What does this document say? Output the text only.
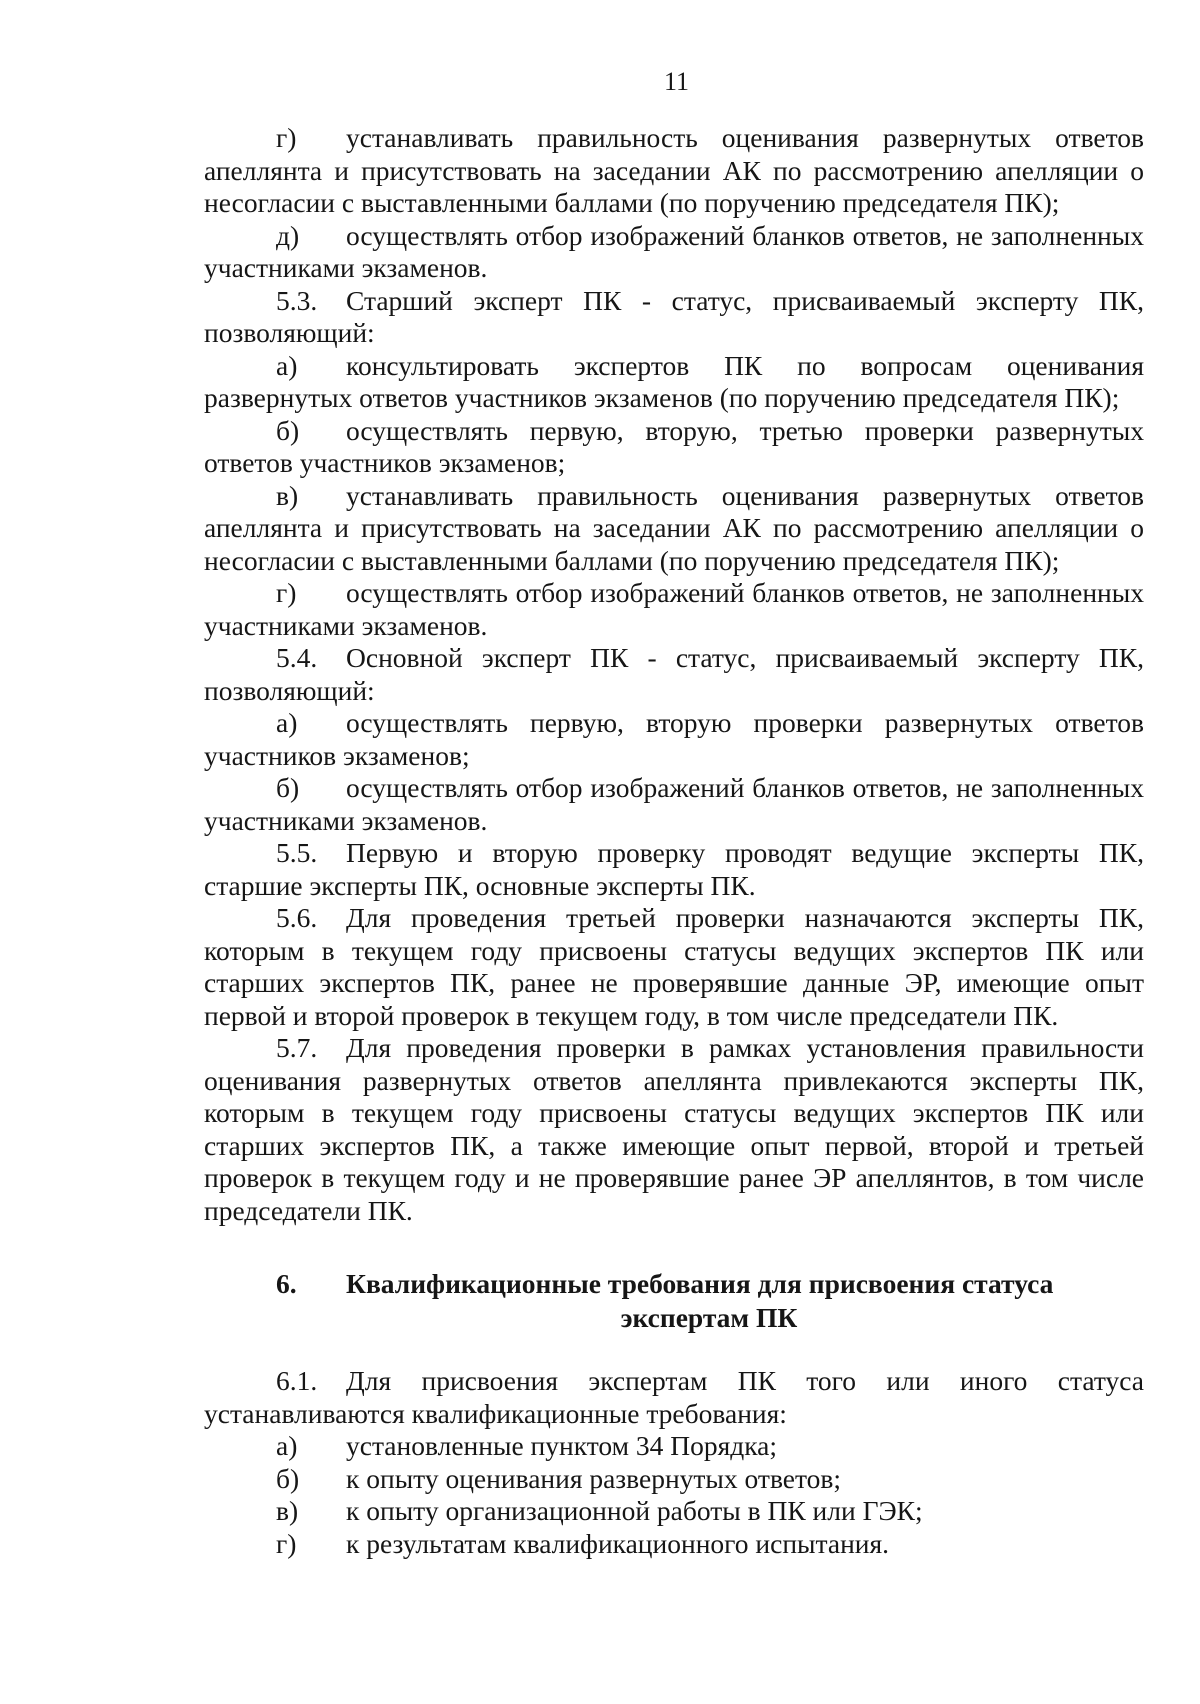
11

г) устанавливать правильность оценивания развернутых ответов апеллянта и присутствовать на заседании АК по рассмотрению апелляции о несогласии с выставленными баллами (по поручению председателя ПК);

д) осуществлять отбор изображений бланков ответов, не заполненных участниками экзаменов.

5.3. Старший эксперт ПК - статус, присваиваемый эксперту ПК, позволяющий:

а) консультировать экспертов ПК по вопросам оценивания развернутых ответов участников экзаменов (по поручению председателя ПК);

б) осуществлять первую, вторую, третью проверки развернутых ответов участников экзаменов;

в) устанавливать правильность оценивания развернутых ответов апеллянта и присутствовать на заседании АК по рассмотрению апелляции о несогласии с выставленными баллами (по поручению председателя ПК);

г) осуществлять отбор изображений бланков ответов, не заполненных участниками экзаменов.

5.4. Основной эксперт ПК - статус, присваиваемый эксперту ПК, позволяющий:

а) осуществлять первую, вторую проверки развернутых ответов участников экзаменов;

б) осуществлять отбор изображений бланков ответов, не заполненных участниками экзаменов.

5.5. Первую и вторую проверку проводят ведущие эксперты ПК, старшие эксперты ПК, основные эксперты ПК.

5.6. Для проведения третьей проверки назначаются эксперты ПК, которым в текущем году присвоены статусы ведущих экспертов ПК или старших экспертов ПК, ранее не проверявшие данные ЭР, имеющие опыт первой и второй проверок в текущем году, в том числе председатели ПК.

5.7. Для проведения проверки в рамках установления правильности оценивания развернутых ответов апеллянта привлекаются эксперты ПК, которым в текущем году присвоены статусы ведущих экспертов ПК или старших экспертов ПК, а также имеющие опыт первой, второй и третьей проверок в текущем году и не проверявшие ранее ЭР апеллянтов, в том числе председатели ПК.

6.	Квалификационные требования для присвоения статуса
экспертам ПК

6.1. Для присвоения экспертам ПК того или иного статуса устанавливаются квалификационные требования:

а)	установленные пунктом 34 Порядка;
б)	к опыту оценивания развернутых ответов;
в)	к опыту организационной работы в ПК или ГЭК;
г)	к результатам квалификационного испытания.
